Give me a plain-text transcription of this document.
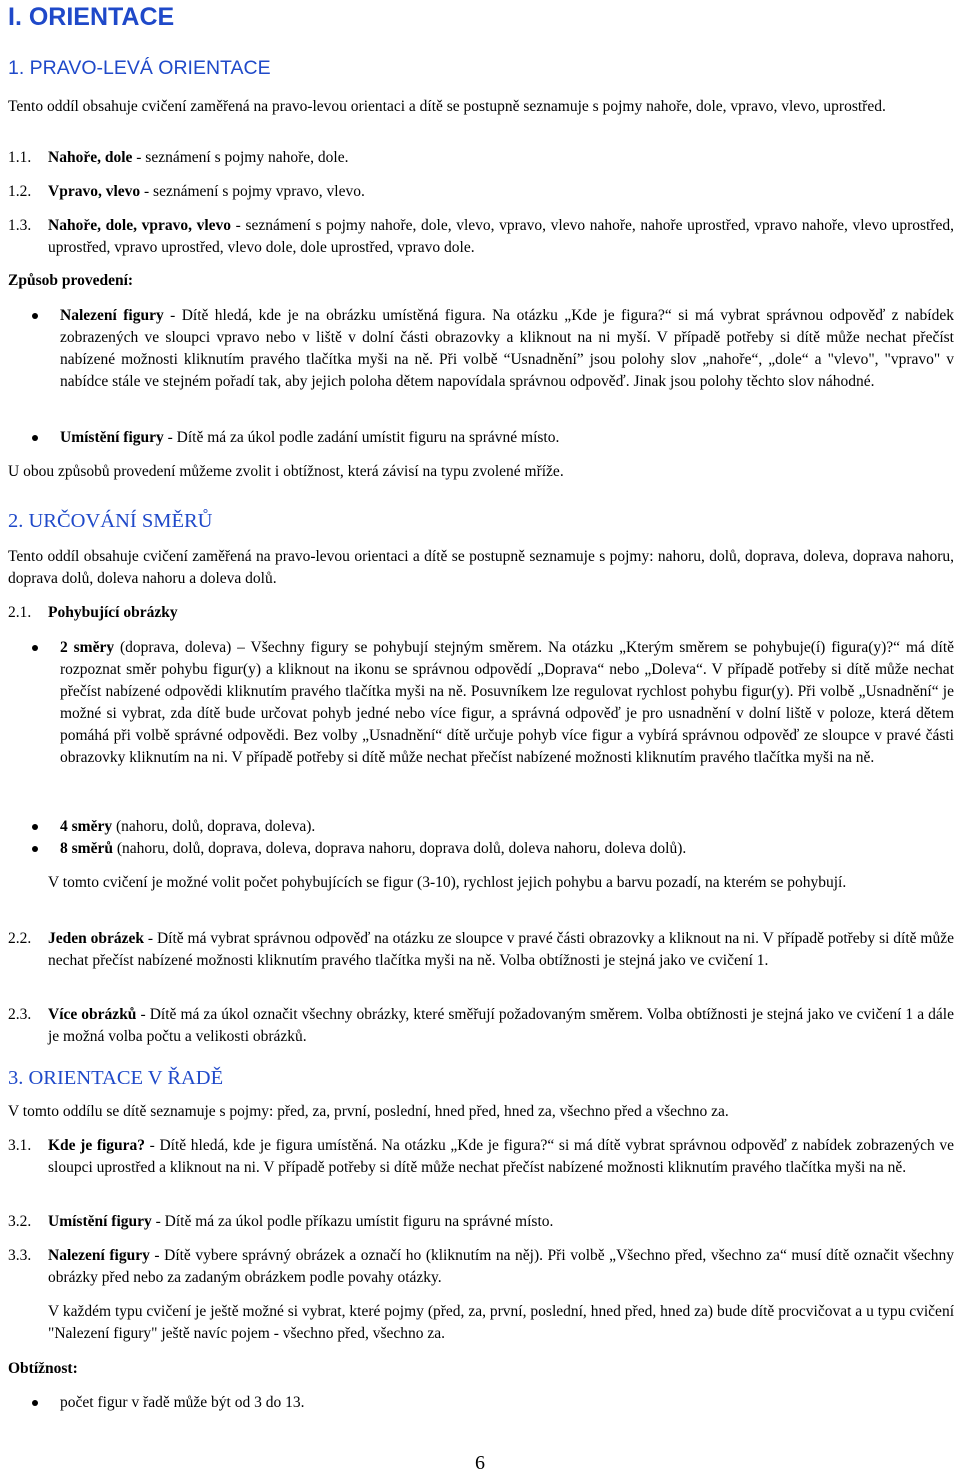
I. ORIENTACE
1. PRAVO-LEVÁ ORIENTACE

Tento oddíl obsahuje cvičení zaměřená na pravo-levou orientaci a dítě se postupně seznamuje s pojmy nahoře, dole, vpravo, vlevo, uprostřed.

1.1. Nahoře, dole - seznámení s pojmy nahoře, dole.
1.2. Vpravo, vlevo - seznámení s pojmy vpravo, vlevo.
1.3. Nahoře, dole, vpravo, vlevo - seznámení s pojmy nahoře, dole, vlevo, vpravo, vlevo nahoře, nahoře uprostřed, vpravo nahoře, vlevo uprostřed, uprostřed, vpravo uprostřed, vlevo dole, dole uprostřed, vpravo dole.
Způsob provedení:
Nalezení figury - Dítě hledá, kde je na obrázku umístěná figura. Na otázku „Kde je figura?“ si má vybrat správnou odpověď z nabídek zobrazených ve sloupci vpravo nebo v liště v dolní části obrazovky a kliknout na ni myší. V případě potřeby si dítě může nechat přečíst nabízené možnosti kliknutím pravého tlačítka myši na ně. Při volbě “Usnadnění” jsou polohy slov „nahoře“, „dole“ a "vlevo", "vpravo" v nabídce stále ve stejném pořadí tak, aby jejich poloha dětem napovídala správnou odpověď. Jinak jsou polohy těchto slov náhodné.
Umístění figury - Dítě má za úkol podle zadání umístit figuru na správné místo.

U obou způsobů provedení můžeme zvolit i obtížnost, která závisí na typu zvolené mříže.

2. URČOVÁNÍ SMĚRŮ

Tento oddíl obsahuje cvičení zaměřená na pravo-levou orientaci a dítě se postupně seznamuje s pojmy: nahoru, dolů, doprava, doleva, doprava nahoru, doprava dolů, doleva nahoru a doleva dolů.

2.1. Pohybující obrázky
2 směry (doprava, doleva) – Všechny figury se pohybují stejným směrem. Na otázku „Kterým směrem se pohybuje(í) figura(y)?“ má dítě rozpoznat směr pohybu figur(y) a kliknout na ikonu se správnou odpovědí „Doprava“ nebo „Doleva“. V případě potřeby si dítě může nechat přečíst nabízené odpovědi kliknutím pravého tlačítka myši na ně. Posuvníkem lze regulovat rychlost pohybu figur(y). Při volbě „Usnadnění“ je možné si vybrat, zda dítě bude určovat pohyb jedné nebo více figur, a správná odpověď je pro usnadnění v dolní liště v poloze, která dětem pomáhá při volbě správné odpovědi. Bez volby „Usnadnění“ dítě určuje pohyb více figur a vybírá správnou odpověď ze sloupce v pravé části obrazovky kliknutím na ni. V případě potřeby si dítě může nechat přečíst nabízené možnosti kliknutím pravého tlačítka myši na ně.
4 směry (nahoru, dolů, doprava, doleva).
8 směrů (nahoru, dolů, doprava, doleva, doprava nahoru, doprava dolů, doleva nahoru, doleva dolů).

V tomto cvičení je možné volit počet pohybujících se figur (3-10), rychlost jejich pohybu a barvu pozadí, na kterém se pohybují.

2.2. Jeden obrázek - Dítě má vybrat správnou odpověď na otázku ze sloupce v pravé části obrazovky a kliknout na ni. V případě potřeby si dítě může nechat přečíst nabízené možnosti kliknutím pravého tlačítka myši na ně. Volba obtížnosti je stejná jako ve cvičení 1.
2.3. Více obrázků - Dítě má za úkol označit všechny obrázky, které směřují požadovaným směrem. Volba obtížnosti je stejná jako ve cvičení 1 a dále je možná volba počtu a velikosti obrázků.
3. ORIENTACE V ŘADĚ

V tomto oddílu se dítě seznamuje s pojmy: před, za, první, poslední, hned před, hned za, všechno před a všechno za.

3.1. Kde je figura? - Dítě hledá, kde je figura umístěná. Na otázku „Kde je figura?“ si má dítě vybrat správnou odpověď z nabídek zobrazených ve sloupci uprostřed a kliknout na ni. V případě potřeby si dítě může nechat přečíst nabízené možnosti kliknutím pravého tlačítka myši na ně.
3.2. Umístění figury - Dítě má za úkol podle příkazu umístit figuru na správné místo.
3.3. Nalezení figury - Dítě vybere správný obrázek a označí ho (kliknutím na něj). Při volbě „Všechno před, všechno za“ musí dítě označit všechny obrázky před nebo za zadaným obrázkem podle povahy otázky.

V každém typu cvičení je ještě možné si vybrat, které pojmy (před, za, první, poslední, hned před, hned za) bude dítě procvičovat a u typu cvičení "Nalezení figury" ještě navíc pojem - všechno před, všechno za.

Obtížnost:
počet figur v řadě může být od 3 do 13.
6
